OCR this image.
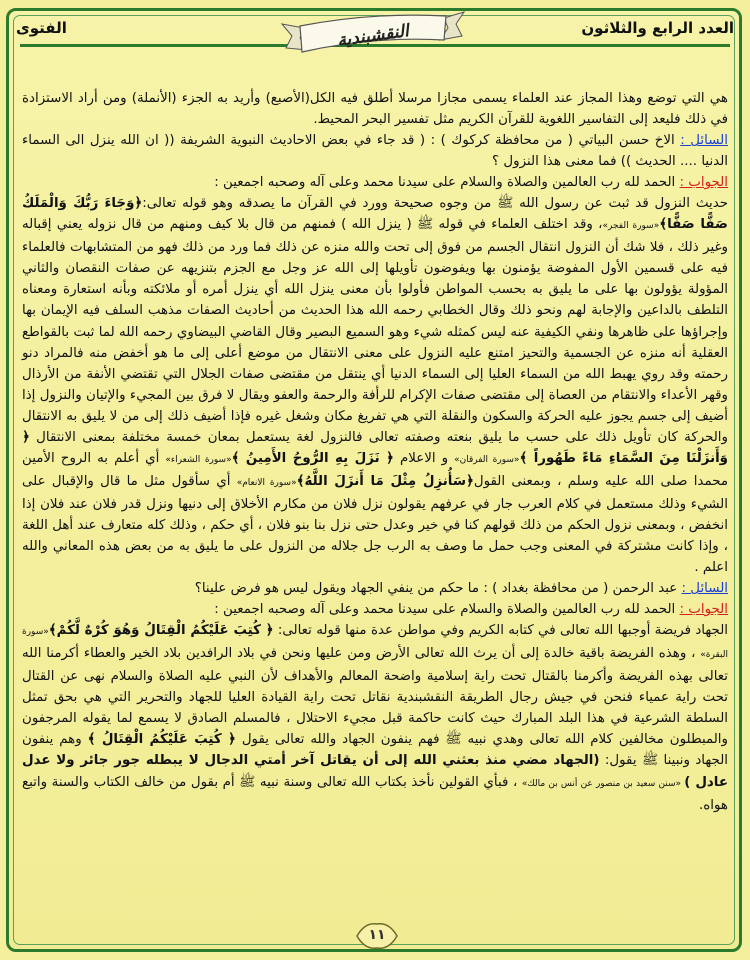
العدد الرابع والثلاثون
الفتوى	النقشبندية

هي التي توضع وهذا المجاز عند العلماء يسمى مجازا مرسلا أطلق فيه الكل(الأصبع) وأريد به الجزء (الأنملة) ومن أراد الاستزادة في ذلك فليعد إلى التفاسير اللغوية للقرآن الكريم مثل تفسير البحر المحيط.

السائل : الاخ حسن البياتي ( من محافظة كركوك ) : ( قد جاء في بعض الاحاديث النبوية الشريفة (( ان الله ينزل الى السماء الدنيا .... الحديث )) فما معنى هذا النزول ؟

الجواب : الحمد لله رب العالمين والصلاة والسلام على سيدنا محمد وعلى آله وصحبه اجمعين :

حديث النزول قد ثبت عن رسول الله ﷺ من وجوه صحيحة وورد في القرآن ما يصدقه وهو قوله تعالى:﴿وَجَاءَ رَبُّكَ وَالْمَلَكُ صَفًّا صَفًّا﴾«سورة الفجر»، وقد اختلف العلماء في قوله ﷺ ( ينزل الله ) فمنهم من قال بلا كيف ومنهم من قال نزوله يعني إقباله وغير ذلك ، فلا شك أن النزول انتقال الجسم من فوق إلى تحت والله منزه عن ذلك فما ورد من ذلك فهو من المتشابهات فالعلماء فيه على قسمين الأول المفوضة يؤمنون بها ويفوضون تأويلها إلى الله عز وجل مع الجزم بتنزيهه عن صفات النقصان والثاني المؤولة يؤولون بها على ما يليق به بحسب المواطن فأولوا بأن معنى ينزل الله أي ينزل أمره أو ملائكته وبأنه استعارة ومعناه التلطف بالداعين والإجابة لهم ونحو ذلك وقال الخطابي رحمه الله هذا الحديث من أحاديث الصفات مذهب السلف فيه الإيمان بها وإجراؤها على ظاهرها ونفي الكيفية عنه ليس كمثله شيء وهو السميع البصير وقال القاضي البيضاوي رحمه الله لما ثبت بالقواطع العقلية أنه منزه عن الجسمية والتحيز امتنع عليه النزول على معنى الانتقال من موضع أعلى إلى ما هو أخفض منه فالمراد دنو رحمته وقد روي يهبط الله من السماء العليا إلى السماء الدنيا أي ينتقل من مقتضى صفات الجلال التي تقتضي الأنفة من الأرذال وقهر الأعداء والانتقام من العصاة إلى مقتضى صفات الإكرام للرأفة والرحمة والعفو ويقال لا فرق بين المجيء والإتيان والنزول إذا أضيف إلى جسم يجوز عليه الحركة والسكون والنقلة التي هي تفريغ مكان وشغل غيره فإذا أضيف ذلك إلى من لا يليق به الانتقال والحركة كان تأويل ذلك على حسب ما يليق بنعته وصفته تعالى فالنزول لغة يستعمل بمعان خمسة مختلفة بمعنى الانتقال ﴿ وَأَنزَلْنَا مِنَ السَّمَاءِ مَاءً طَهُوراً ﴾«سورة الفرقان» و الاعلام ﴿ نَزَلَ بِهِ الرُّوحُ الأَمِينُ ﴾«سورة الشعراء» أي أعلم به الروح الأمين محمدا صلى الله عليه وسلم ، وبمعنى القول﴿سَأُنزِلُ مِثْلَ مَا أَنزَلَ اللَّهُ﴾«سورة الانعام» أي سأقول مثل ما قال والإقبال على الشيء وذلك مستعمل في كلام العرب جار في عرفهم يقولون نزل فلان من مكارم الأخلاق إلى دنيها ونزل قدر فلان عند فلان إذا انخفض ، وبمعنى نزول الحكم من ذلك قولهم كنا في خير وعدل حتى نزل بنا بنو فلان ، أي حكم ، وذلك كله متعارف عند أهل اللغة ، وإذا كانت مشتركة في المعنى وجب حمل ما وصف به الرب جل جلاله من النزول على ما يليق به من بعض هذه المعاني والله اعلم .

السائل : عبد الرحمن ( من محافظة بغداد ) : ما حكم من ينفي الجهاد ويقول ليس هو فرض علينا؟

الجواب : الحمد لله رب العالمين والصلاة والسلام على سيدنا محمد وعلى آله وصحبه اجمعين :

الجهاد فريضة أوجبها الله تعالى في كتابه الكريم وفي مواطن عدة منها قوله تعالى: ﴿ كُتِبَ عَلَيْكُمُ الْقِتَالُ وَهُوَ كُرْهٌ لَّكُمْ﴾«سورة البقرة» ، وهذه الفريضة باقية خالدة إلى أن يرث الله تعالى الأرض ومن عليها ونحن في بلاد الرافدين بلاد الخير والعطاء أكرمنا الله تعالى بهذه الفريضة وأكرمنا بالقتال تحت راية إسلامية واضحة المعالم والأهداف لأن النبي عليه الصلاة والسلام نهى عن القتال تحت راية عمياء فنحن في جيش رجال الطريقة النقشبندية نقاتل تحت راية القيادة العليا للجهاد والتحرير التي هي بحق تمثل السلطة الشرعية في هذا البلد المبارك حيث كانت حاكمة قبل مجيء الاحتلال ، فالمسلم الصادق لا يسمع لما يقوله المرجفون والمبطلون مخالفين كلام الله تعالى وهدي نبيه ﷺ فهم ينفون الجهاد والله تعالى يقول ﴿ كُتِبَ عَلَيْكُمُ الْقِتَالُ ﴾ وهم ينفون الجهاد ونبينا ﷺ يقول: (الجهاد مضي منذ بعثني الله إلى أن يقاتل آخر أمتي الدجال لا يبطله جور جائر ولا عدل عادل ) «سنن سعيد بن منصور عن أنس بن مالك» ، فبأي القولين نأخذ بكتاب الله تعالى وسنة نبيه ﷺ أم بقول من خالف الكتاب والسنة واتبع هواه.

١١
